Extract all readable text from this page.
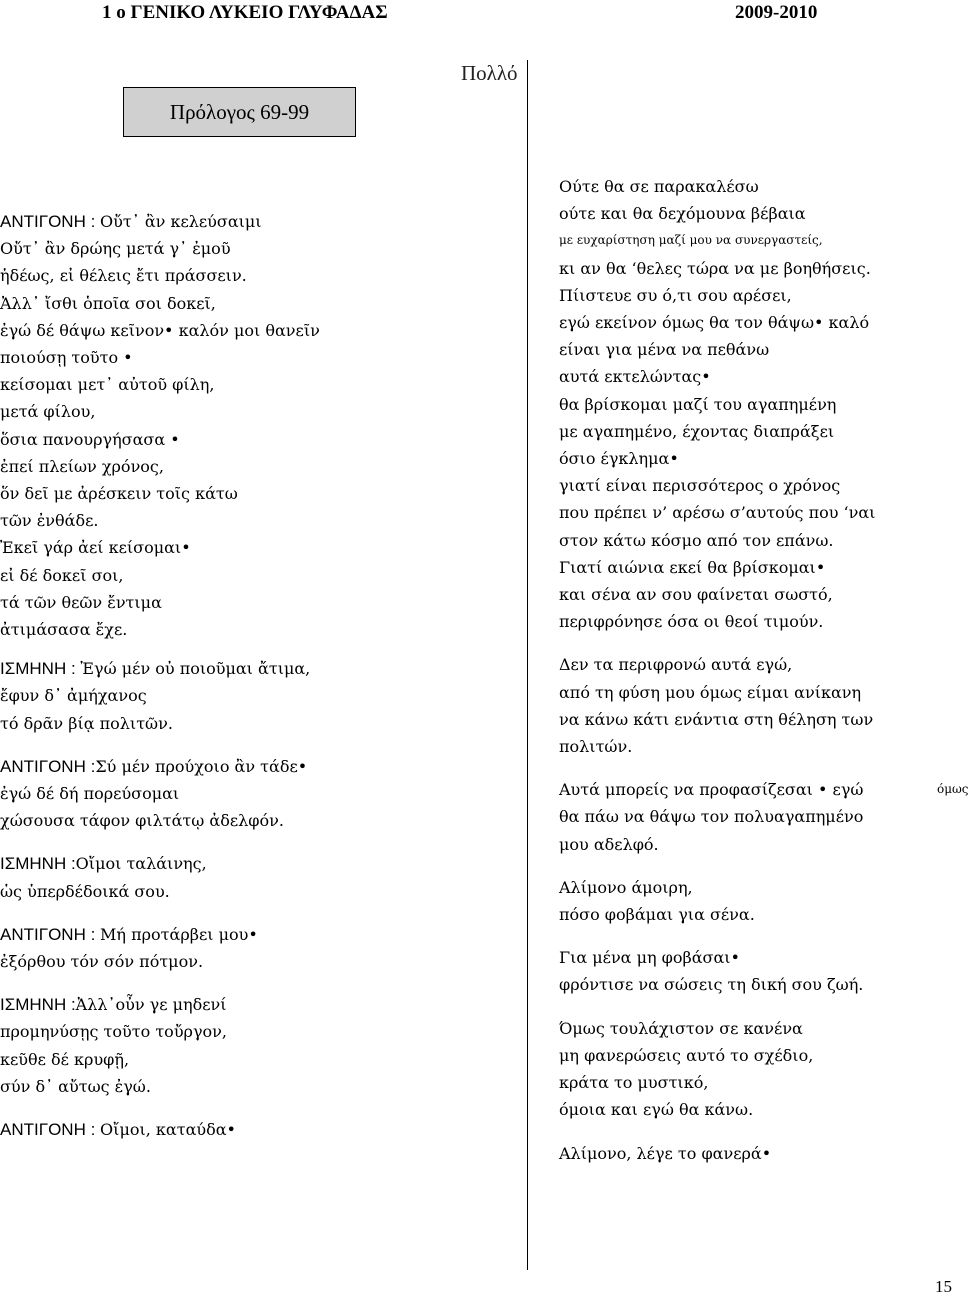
1 ο ΓΕΝΙΚΟ ΛΥΚΕΙΟ ΓΛΥΦΑΔΑΣ	2009-2010
Πολλό
Πρόλογος 69-99
ΑΝΤΙΓΟΝΗ : Οὔτ᾽ ἂν κελεύσαιμι
Οὔτ᾽ ἂν δρώης μετά γ᾽ ἐμοῦ
ἡδέως, εἰ θέλεις ἔτι πράσσειν.
Ἀλλ᾽ ἴσθι ὁποῖα σοι δοκεῖ,
ἐγώ δέ θάψω κεῖνον• καλόν μοι θανεῖν
ποιούσῃ τοῦτο •
κείσομαι μετ᾽ αὐτοῦ φίλη,
μετά φίλου,
ὅσια πανουργήσασα •
ἐπεί πλείων χρόνος,
ὅν δεῖ με ἀρέσκειν τοῖς κάτω
τῶν ἐνθάδε.
Ἐκεῖ γάρ ἀεί κείσομαι•
εἰ δέ δοκεῖ σοι,
τά τῶν θεῶν ἔντιμα
ἀτιμάσασα ἔχε.
ΙΣΜΗΝΗ : Ἐγώ μέν οὐ ποιοῦμαι ἄτιμα,
ἔφυν δ᾽ ἀμήχανος
τό δρᾶν βίᾳ πολιτῶν.
ΑΝΤΙΓΟΝΗ :Σύ μέν προύχοιο ἂν τάδε•
ἐγώ δέ δή πορεύσομαι
χώσουσα τάφον φιλτάτῳ ἀδελφόν.
ΙΣΜΗΝΗ :Οἴμοι ταλάινης,
ὡς ὑπερδέδοικά σου.
ΑΝΤΙΓΟΝΗ : Μή προτάρβει μου•
ἐξόρθου τόν σόν πότμον.
ΙΣΜΗΝΗ :Ἀλλ᾽οὖν γε μηδενί
προμηνύσῃς τοῦτο τοὔργον,
κεῦθε δέ κρυφῇ,
σύν δ᾽ αὔτως ἐγώ.
ΑΝΤΙΓΟΝΗ : Οἴμοι, καταύδα•
Ούτε θα σε παρακαλέσω
ούτε και θα δεχόμουνα βέβαια
με ευχαρίστηση μαζί μου να συνεργαστείς,
κι αν θα ‘θελες τώρα να με βοηθήσεις.
Πίιστευε συ ό,τι σου αρέσει,
εγώ εκείνον όμως θα τον θάψω• καλό
είναι για μένα να πεθάνω
αυτά εκτελώντας•
θα βρίσκομαι μαζί του αγαπημένη
με αγαπημένο, έχοντας διαπράξει
όσιο έγκλημα•
γιατί είναι περισσότερος ο χρόνος
που πρέπει ν’ αρέσω σ’αυτούς που ‘ναι
στον κάτω κόσμο από τον επάνω.
Γιατί αιώνια εκεί θα βρίσκομαι•
και σένα αν σου φαίνεται σωστό,
περιφρόνησε όσα οι θεοί τιμούν.
Δεν τα περιφρονώ αυτά εγώ,
από τη φύση μου όμως είμαι ανίκανη
να κάνω κάτι ενάντια στη θέληση των
πολιτών.
Αυτά μπορείς να προφασίζεσαι • εγώ	όμως
θα πάω να θάψω τον πολυαγαπημένο
μου αδελφό.
Αλίμονο άμοιρη,
πόσο φοβάμαι για σένα.
Για μένα μη φοβάσαι•
φρόντισε να σώσεις τη δική σου ζωή.
Όμως τουλάχιστον σε κανένα
μη φανερώσεις αυτό το σχέδιο,
κράτα το μυστικό,
όμοια και εγώ θα κάνω.
Αλίμονο, λέγε το φανερά•
15
